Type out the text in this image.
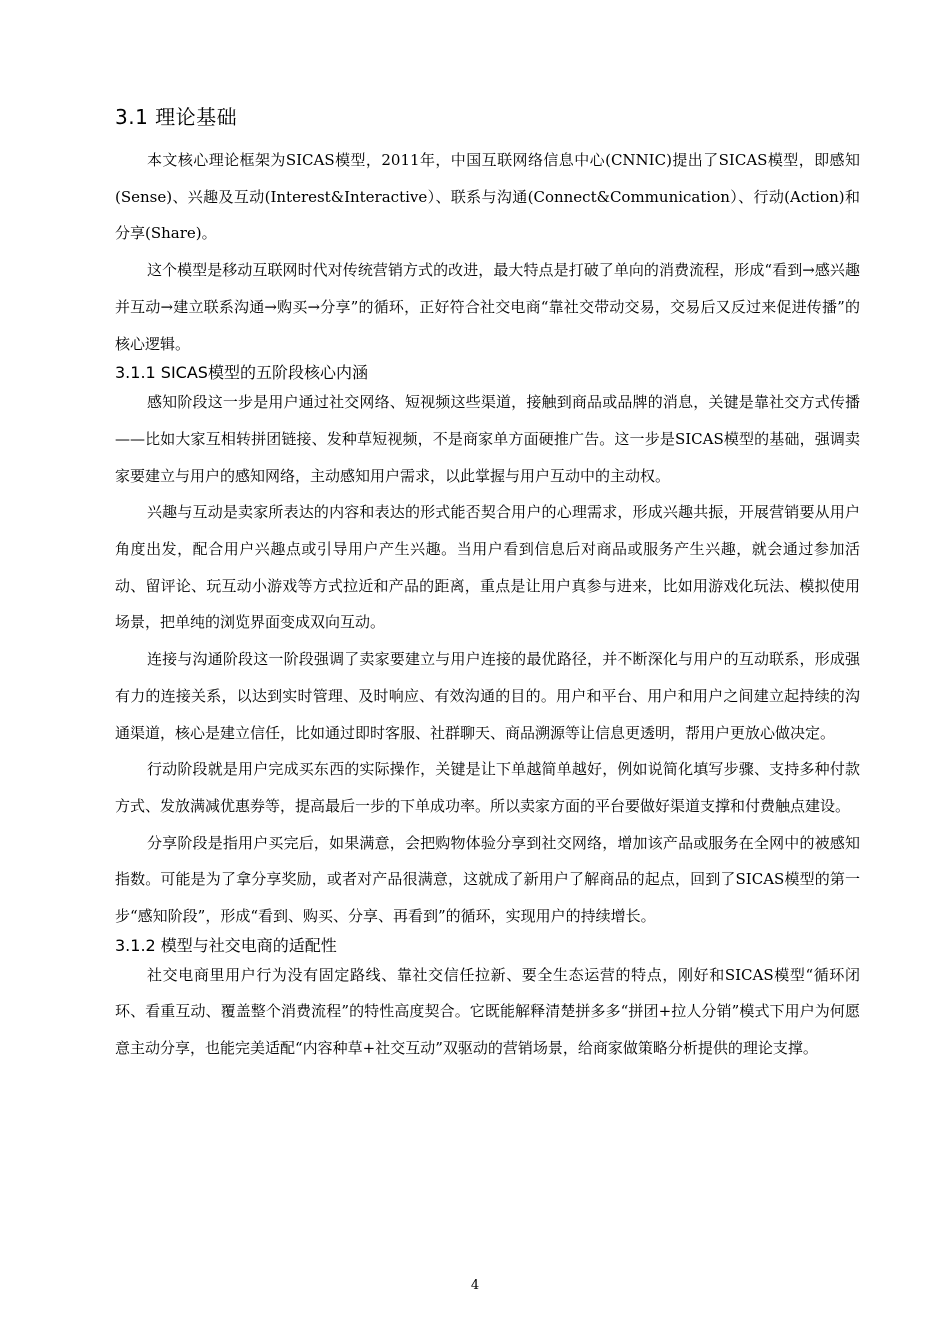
3.1 理论基础

本文核心理论框架为SICAS模型，2011年，中国互联网络信息中心(CNNIC)提出了SICAS模型，即感知(Sense)、兴趣及互动(Interest&Interactive）、联系与沟通(Connect&Communication）、行动(Action)和分享(Share)。

这个模型是移动互联网时代对传统营销方式的改进，最大特点是打破了单向的消费流程，形成“看到→感兴趣并互动→建立联系沟通→购买→分享”的循环，正好符合社交电商“靠社交带动交易，交易后又反过来促进传播”的核心逻辑。

3.1.1 SICAS模型的五阶段核心内涵

感知阶段这一步是用户通过社交网络、短视频这些渠道，接触到商品或品牌的消息，关键是靠社交方式传播——比如大家互相转拼团链接、发种草短视频，不是商家单方面硬推广告。这一步是SICAS模型的基础，强调卖家要建立与用户的感知网络，主动感知用户需求，以此掌握与用户互动中的主动权。

兴趣与互动是卖家所表达的内容和表达的形式能否契合用户的心理需求，形成兴趣共振，开展营销要从用户角度出发，配合用户兴趣点或引导用户产生兴趣。当用户看到信息后对商品或服务产生兴趣，就会通过参加活动、留评论、玩互动小游戏等方式拉近和产品的距离，重点是让用户真参与进来，比如用游戏化玩法、模拟使用场景，把单纯的浏览界面变成双向互动。

连接与沟通阶段这一阶段强调了卖家要建立与用户连接的最优路径，并不断深化与用户的互动联系，形成强有力的连接关系，以达到实时管理、及时响应、有效沟通的目的。用户和平台、用户和用户之间建立起持续的沟通渠道，核心是建立信任，比如通过即时客服、社群聊天、商品溯源等让信息更透明，帮用户更放心做决定。

行动阶段就是用户完成买东西的实际操作，关键是让下单越简单越好，例如说简化填写步骤、支持多种付款方式、发放满减优惠券等，提高最后一步的下单成功率。所以卖家方面的平台要做好渠道支撑和付费触点建设。

分享阶段是指用户买完后，如果满意，会把购物体验分享到社交网络，增加该产品或服务在全网中的被感知指数。可能是为了拿分享奖励，或者对产品很满意，这就成了新用户了解商品的起点，回到了SICAS模型的第一步“感知阶段”，形成“看到、购买、分享、再看到”的循环，实现用户的持续增长。

3.1.2 模型与社交电商的适配性

社交电商里用户行为没有固定路线、靠社交信任拉新、要全生态运营的特点，刚好和SICAS模型“循环闭环、看重互动、覆盖整个消费流程”的特性高度契合。它既能解释清楚拼多多“拼团+拉人分销”模式下用户为何愿意主动分享，也能完美适配“内容种草+社交互动”双驱动的营销场景，给商家做策略分析提供的理论支撑。

4
